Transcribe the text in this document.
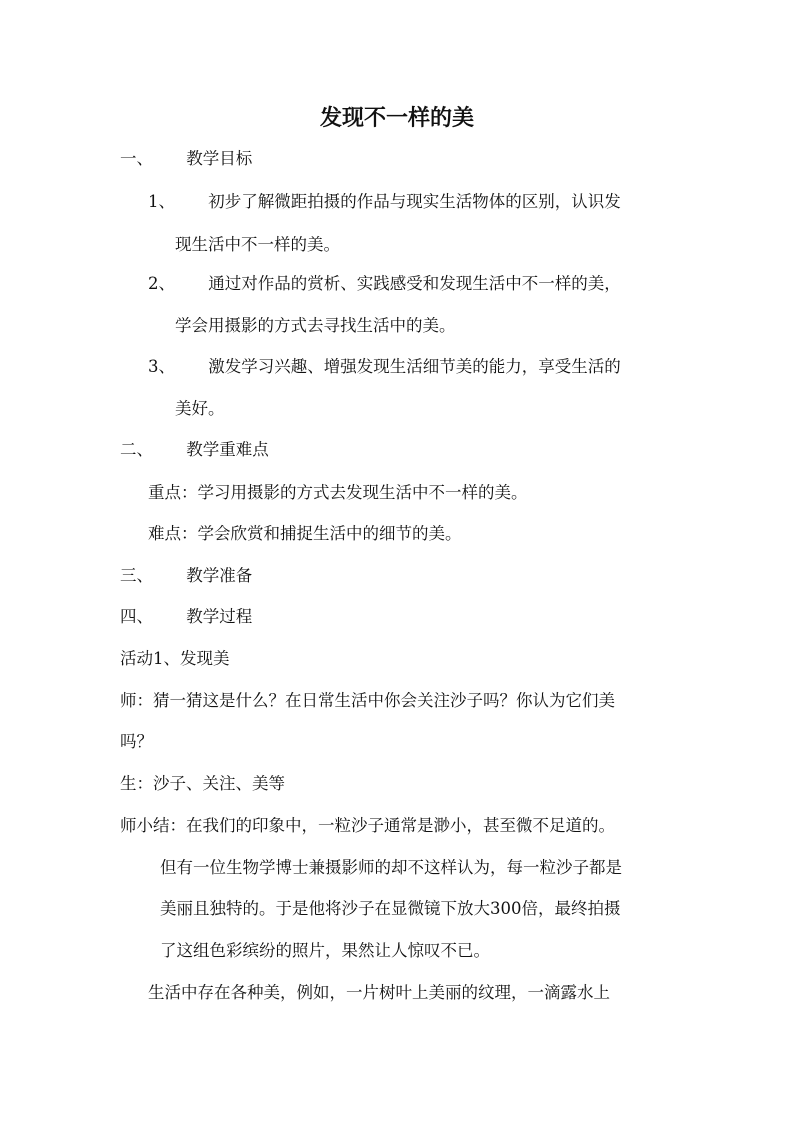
发现不一样的美
一、 教学目标
1、 初步了解微距拍摄的作品与现实生活物体的区别，认识发
现生活中不一样的美。
2、 通过对作品的赏析、实践感受和发现生活中不一样的美，
学会用摄影的方式去寻找生活中的美。
3、 激发学习兴趣、增强发现生活细节美的能力，享受生活的
美好。
二、 教学重难点
重点：学习用摄影的方式去发现生活中不一样的美。
难点：学会欣赏和捕捉生活中的细节的美。
三、 教学准备
四、 教学过程
活动1、发现美
师：猜一猜这是什么？在日常生活中你会关注沙子吗？你认为它们美
吗？
生：沙子、关注、美等
师小结：在我们的印象中，一粒沙子通常是渺小，甚至微不足道的。
但有一位生物学博士兼摄影师的却不这样认为，每一粒沙子都是
美丽且独特的。于是他将沙子在显微镜下放大300倍，最终拍摄
了这组色彩缤纷的照片，果然让人惊叹不已。
生活中存在各种美，例如，一片树叶上美丽的纹理，一滴露水上
